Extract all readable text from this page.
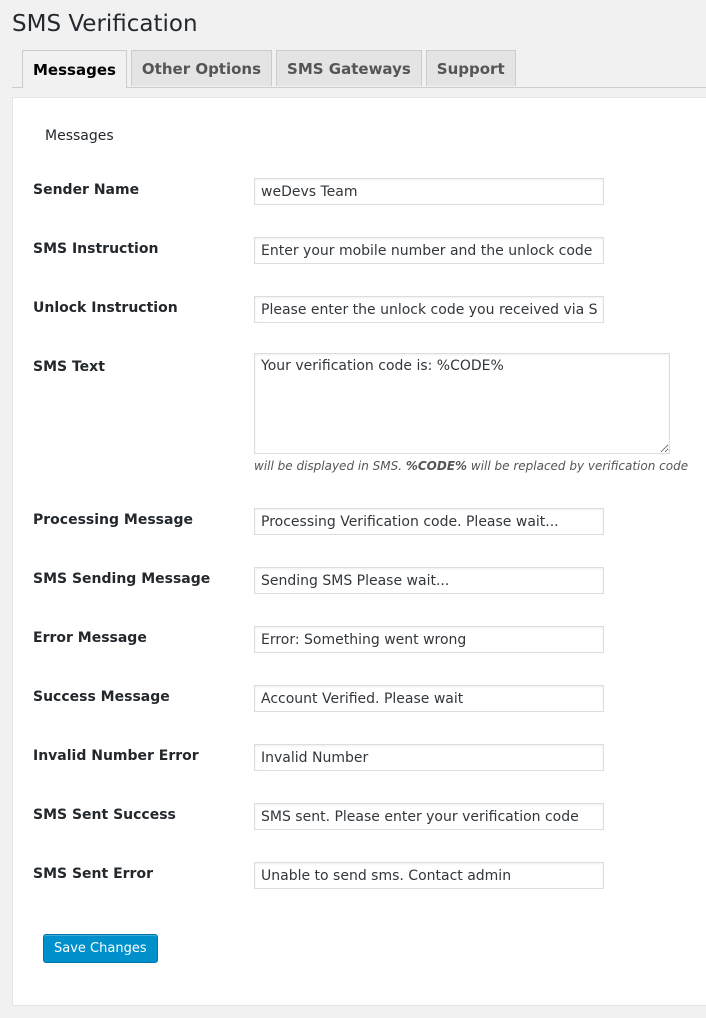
SMS Verification
Messages	Other Options	SMS Gateways	Support
Messages
Sender Name
weDevs Team
SMS Instruction
Enter your mobile number and the unlock code will
Unlock Instruction
Please enter the unlock code you received via SMS.
SMS Text
Your verification code is: %CODE%
will be displayed in SMS. %CODE% will be replaced by verification code
Processing Message
Processing Verification code. Please wait...
SMS Sending Message
Sending SMS Please wait...
Error Message
Error: Something went wrong
Success Message
Account Verified. Please wait
Invalid Number Error
Invalid Number
SMS Sent Success
SMS sent. Please enter your verification code
SMS Sent Error
Unable to send sms. Contact admin
Save Changes
